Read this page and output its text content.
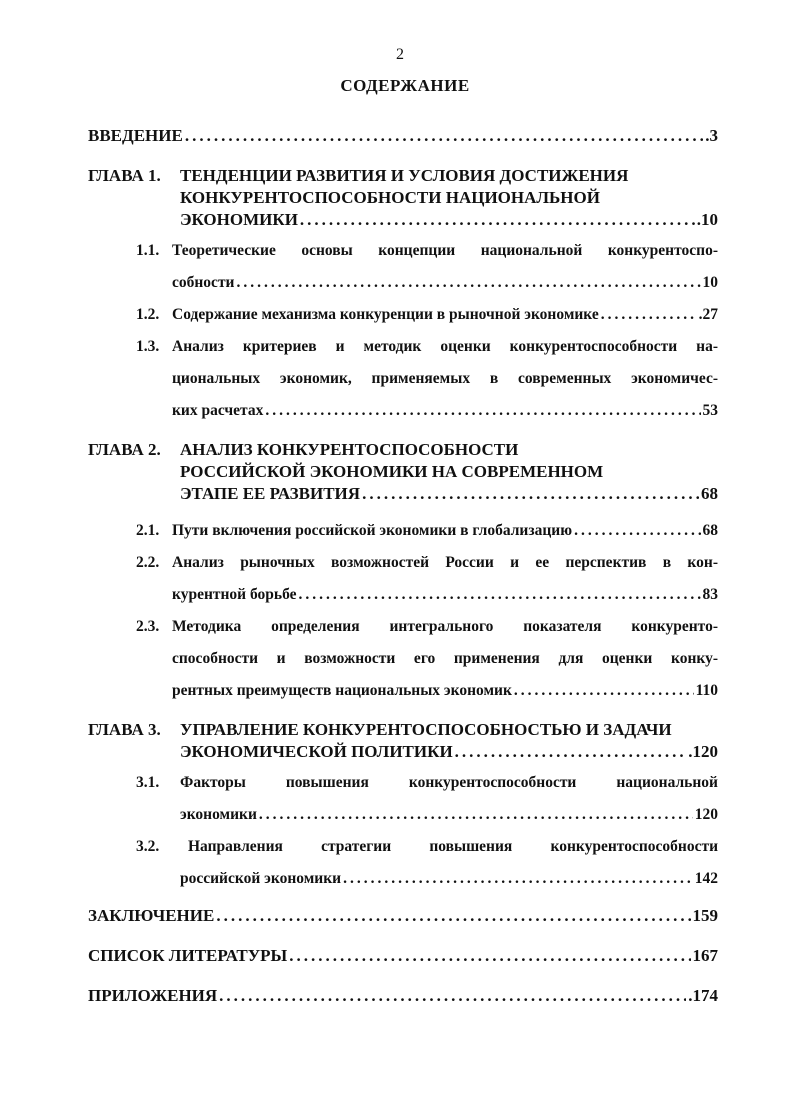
2
СОДЕРЖАНИЕ
ВВЕДЕНИЕ .....	.3
ГЛАВА 1. ТЕНДЕНЦИИ РАЗВИТИЯ И УСЛОВИЯ ДОСТИЖЕНИЯ
КОНКУРЕНТОСПОСОБНОСТИ НАЦИОНАЛЬНОЙ
ЭКОНОМИКИ .....	.10
1.1. Теоретические основы концепции национальной конкурентоспо-
собности .....	10
1.2. Содержание механизма конкуренции в рыночной экономике .....	.27
1.3. Анализ критериев и методик оценки конкурентоспособности на-
циональных экономик, применяемых в современных экономичес-
ких расчетах .....	53
ГЛАВА 2. АНАЛИЗ КОНКУРЕНТОСПОСОБНОСТИ
РОССИЙСКОЙ ЭКОНОМИКИ НА СОВРЕМЕННОМ
ЭТАПЕ ЕЕ РАЗВИТИЯ .....	68
2.1. Пути включения российской экономики в глобализацию .....	68
2.2. Анализ рыночных возможностей России и ее перспектив в кон-
курентной борьбе .....	83
2.3. Методика определения интегрального показателя конкуренто-
способности и возможности его применения для оценки конку-
рентных преимуществ национальных экономик .....	110
ГЛАВА 3. УПРАВЛЕНИЕ КОНКУРЕНТОСПОСОБНОСТЬЮ И ЗАДАЧИ
ЭКОНОМИЧЕСКОЙ ПОЛИТИКИ .....	.120
3.1. Факторы повышения конкурентоспособности национальной
экономики .....	120
3.2. Направления стратегии повышения конкурентоспособности
российской экономики .....	142
ЗАКЛЮЧЕНИЕ .....	159
СПИСОК ЛИТЕРАТУРЫ .....	167
ПРИЛОЖЕНИЯ .....	.174
